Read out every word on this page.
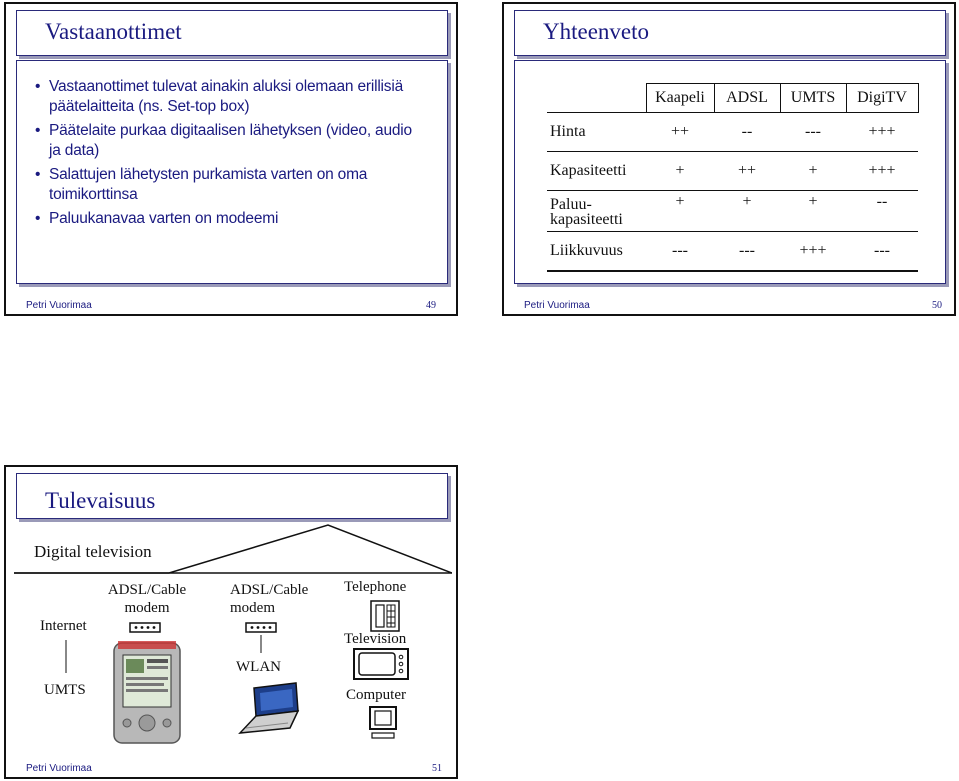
Vastaanottimet
• Vastaanottimet tulevat ainakin aluksi olemaan erillisiä päätelaitteita (ns. Set-top box)
• Päätelaite purkaa digitaalisen lähetyksen (video, audio ja data)
• Salattujen lähetysten purkamista varten on oma toimikorttinsa
• Paluukanavaa varten on modeemi
Petri Vuorimaa	49
Yhteenveto
	Kaapeli	ADSL	UMTS	DigiTV
Hinta	++	--	---	+++
Kapasiteetti	+	++	+	+++
Paluu-
kapasiteetti	+	+	+	--
Liikkuvuus	---	---	+++	---
Petri Vuorimaa	50
Tulevaisuus
Digital television
Internet
UMTS
ADSL/Cable modem
ADSL/Cable modem
WLAN
Telephone
Television
Computer
Petri Vuorimaa	51
